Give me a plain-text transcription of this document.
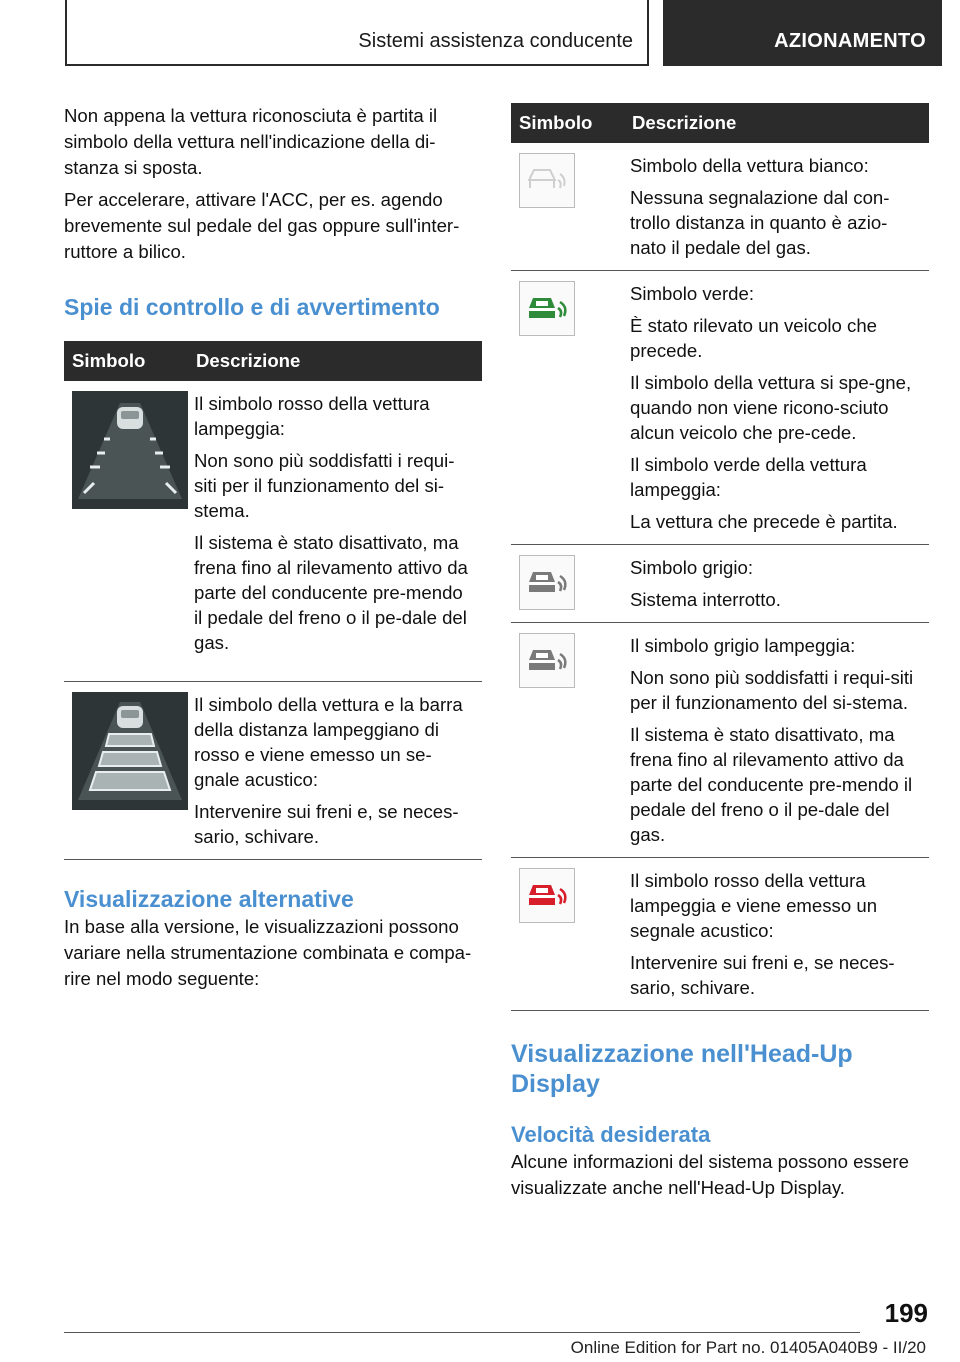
Sistemi assistenza conducente	AZIONAMENTO

Non appena la vettura riconosciuta è partita il simbolo della vettura nell'indicazione della di-stanza si sposta.

Per accelerare, attivare l'ACC, per es. agendo brevemente sul pedale del gas oppure sull'inter-ruttore a bilico.

Spie di controllo e di avvertimento
Simbolo	Descrizione

Il simbolo rosso della vettura lampeggia:
Non sono più soddisfatti i requi-siti per il funzionamento del si-stema.
Il sistema è stato disattivato, ma frena fino al rilevamento attivo da parte del conducente pre-mendo il pedale del freno o il pe-dale del gas.

Il simbolo della vettura e la barra della distanza lampeggiano di rosso e viene emesso un se-gnale acustico:
Intervenire sui freni e, se neces-sario, schivare.
Visualizzazione alternative

In base alla versione, le visualizzazioni possono variare nella strumentazione combinata e compa-rire nel modo seguente:

Simbolo	Descrizione

Simbolo della vettura bianco:
Nessuna segnalazione dal con-trollo distanza in quanto è azio-nato il pedale del gas.

Simbolo verde:
È stato rilevato un veicolo che precede.
Il simbolo della vettura si spe-gne, quando non viene ricono-sciuto alcun veicolo che pre-cede.
Il simbolo verde della vettura lampeggia:
La vettura che precede è partita.

Simbolo grigio:
Sistema interrotto.

Il simbolo grigio lampeggia:
Non sono più soddisfatti i requi-siti per il funzionamento del si-stema.
Il sistema è stato disattivato, ma frena fino al rilevamento attivo da parte del conducente pre-mendo il pedale del freno o il pe-dale del gas.

Il simbolo rosso della vettura lampeggia e viene emesso un segnale acustico:
Intervenire sui freni e, se neces-sario, schivare.
Visualizzazione nell'Head-Up Display
Velocità desiderata

Alcune informazioni del sistema possono essere visualizzate anche nell'Head-Up Display.

199
Online Edition for Part no. 01405A040B9 - II/20
